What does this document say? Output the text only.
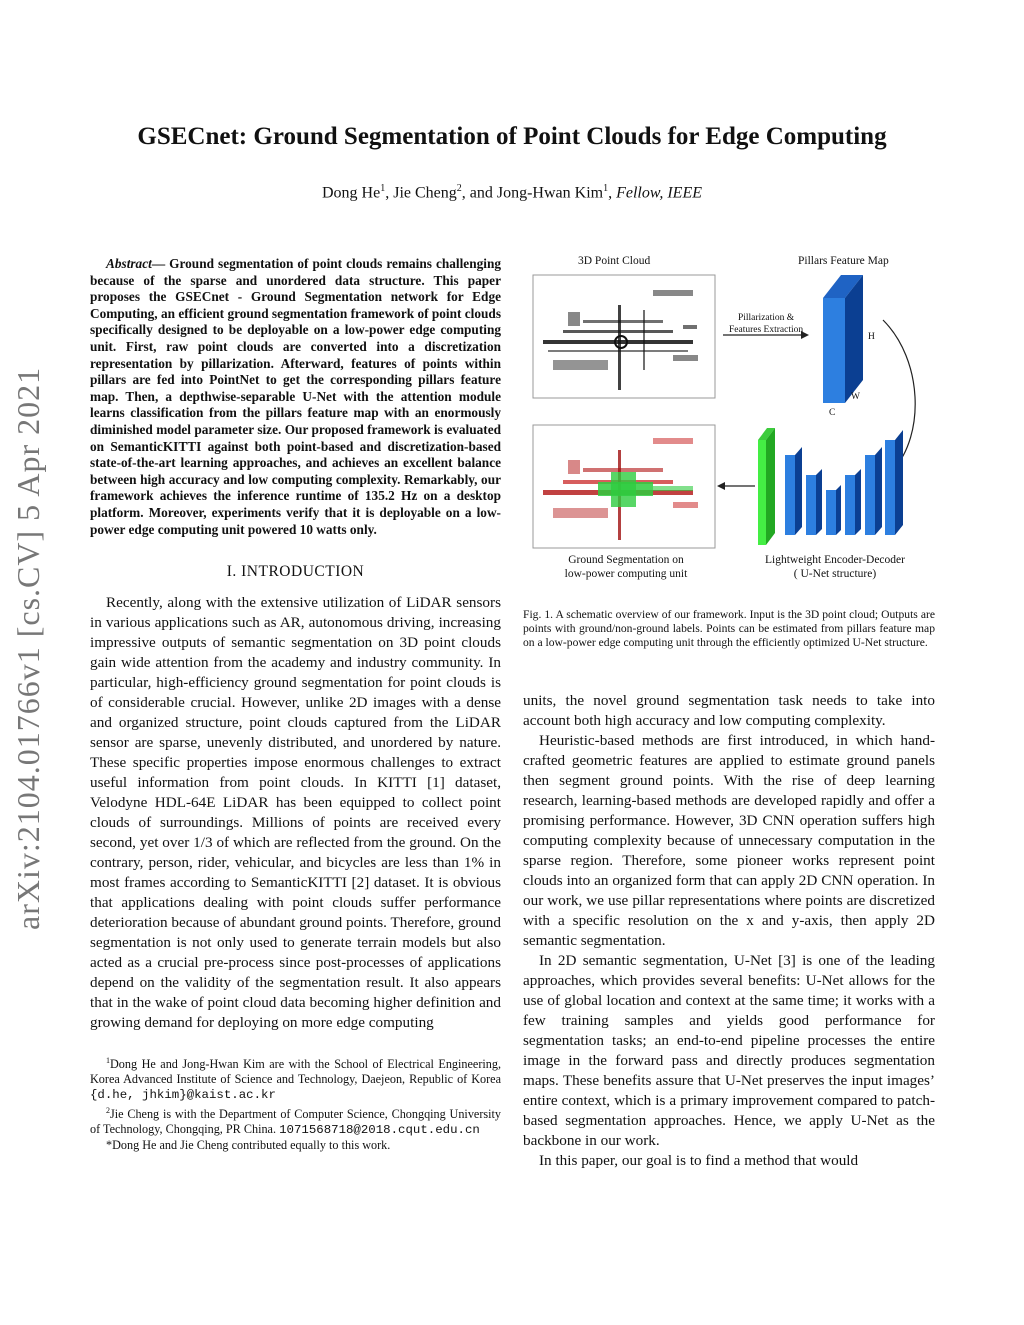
arXiv:2104.01766v1 [cs.CV] 5 Apr 2021
GSECnet: Ground Segmentation of Point Clouds for Edge Computing
Dong He$^1$, Jie Cheng$^2$, and Jong-Hwan Kim$^1$, Fellow, IEEE

Abstract— Ground segmentation of point clouds remains challenging because of the sparse and unordered data structure. This paper proposes the GSECnet - Ground Segmentation network for Edge Computing, an efficient ground segmentation framework of point clouds specifically designed to be deployable on a low-power edge computing unit. First, raw point clouds are converted into a discretization representation by pillarization. Afterward, features of points within pillars are fed into PointNet to get the corresponding pillars feature map. Then, a depthwise-separable U-Net with the attention module learns classification from the pillars feature map with an enormously diminished model parameter size. Our proposed framework is evaluated on SemanticKITTI against both point-based and discretization-based state-of-the-art learning approaches, and achieves an excellent balance between high accuracy and low computing complexity. Remarkably, our framework achieves the inference runtime of 135.2 Hz on a desktop platform. Moreover, experiments verify that it is deployable on a low-power edge computing unit powered 10 watts only.

I. INTRODUCTION

Recently, along with the extensive utilization of LiDAR sensors in various applications such as AR, autonomous driving, increasing impressive outputs of semantic segmentation on 3D point clouds gain wide attention from the academy and industry community. In particular, high-efficiency ground segmentation for point clouds is of considerable crucial. However, unlike 2D images with a dense and organized structure, point clouds captured from the LiDAR sensor are sparse, unevenly distributed, and unordered by nature. These specific properties impose enormous challenges to extract useful information from point clouds. In KITTI [1] dataset, Velodyne HDL-64E LiDAR has been equipped to collect point clouds of surroundings. Millions of points are received every second, yet over 1/3 of which are reflected from the ground. On the contrary, person, rider, vehicular, and bicycles are less than 1% in most frames according to SemanticKITTI [2] dataset. It is obvious that applications dealing with point clouds suffer performance deterioration because of abundant ground points. Therefore, ground segmentation is not only used to generate terrain models but also acted as a crucial pre-process since post-processes of applications depend on the validity of the segmentation result. It also appears that in the wake of point cloud data becoming higher definition and growing demand for deploying on more edge computing

$^1$Dong He and Jong-Hwan Kim are with the School of Electrical Engineering, Korea Advanced Institute of Science and Technology, Daejeon, Republic of Korea {d.he, jhkim}@kaist.ac.kr

$^2$Jie Cheng is with the Department of Computer Science, Chongqing University of Technology, Chongqing, PR China. 1071568718@2018.cqut.edu.cn

*Dong He and Jie Cheng contributed equally to this work.

3D Point Cloud	Pillars Feature Map
Pillarization &
Features Extraction
H
W
C
Ground Segmentation on
low-power computing unit
Lightweight Encoder-Decoder
( U-Net structure)
Fig. 1. A schematic overview of our framework. Input is the 3D point cloud; Outputs are points with ground/non-ground labels. Points can be estimated from pillars feature map on a low-power edge computing unit through the efficiently optimized U-Net structure.

units, the novel ground segmentation task needs to take into account both high accuracy and low computing complexity.

Heuristic-based methods are first introduced, in which hand-crafted geometric features are applied to estimate ground panels then segment ground points. With the rise of deep learning research, learning-based methods are developed rapidly and offer a promising performance. However, 3D CNN operation suffers high computing complexity because of unnecessary computation in the sparse region. Therefore, some pioneer works represent point clouds into an organized form that can apply 2D CNN operation. In our work, we use pillar representations where points are discretized with a specific resolution on the x and y-axis, then apply 2D semantic segmentation.

In 2D semantic segmentation, U-Net [3] is one of the leading approaches, which provides several benefits: U-Net allows for the use of global location and context at the same time; it works with a few training samples and yields good performance for segmentation tasks; an end-to-end pipeline processes the entire image in the forward pass and directly produces segmentation maps. These benefits assure that U-Net preserves the input images’ entire context, which is a primary improvement compared to patch-based segmentation approaches. Hence, we apply U-Net as the backbone in our work.

In this paper, our goal is to find a method that would
